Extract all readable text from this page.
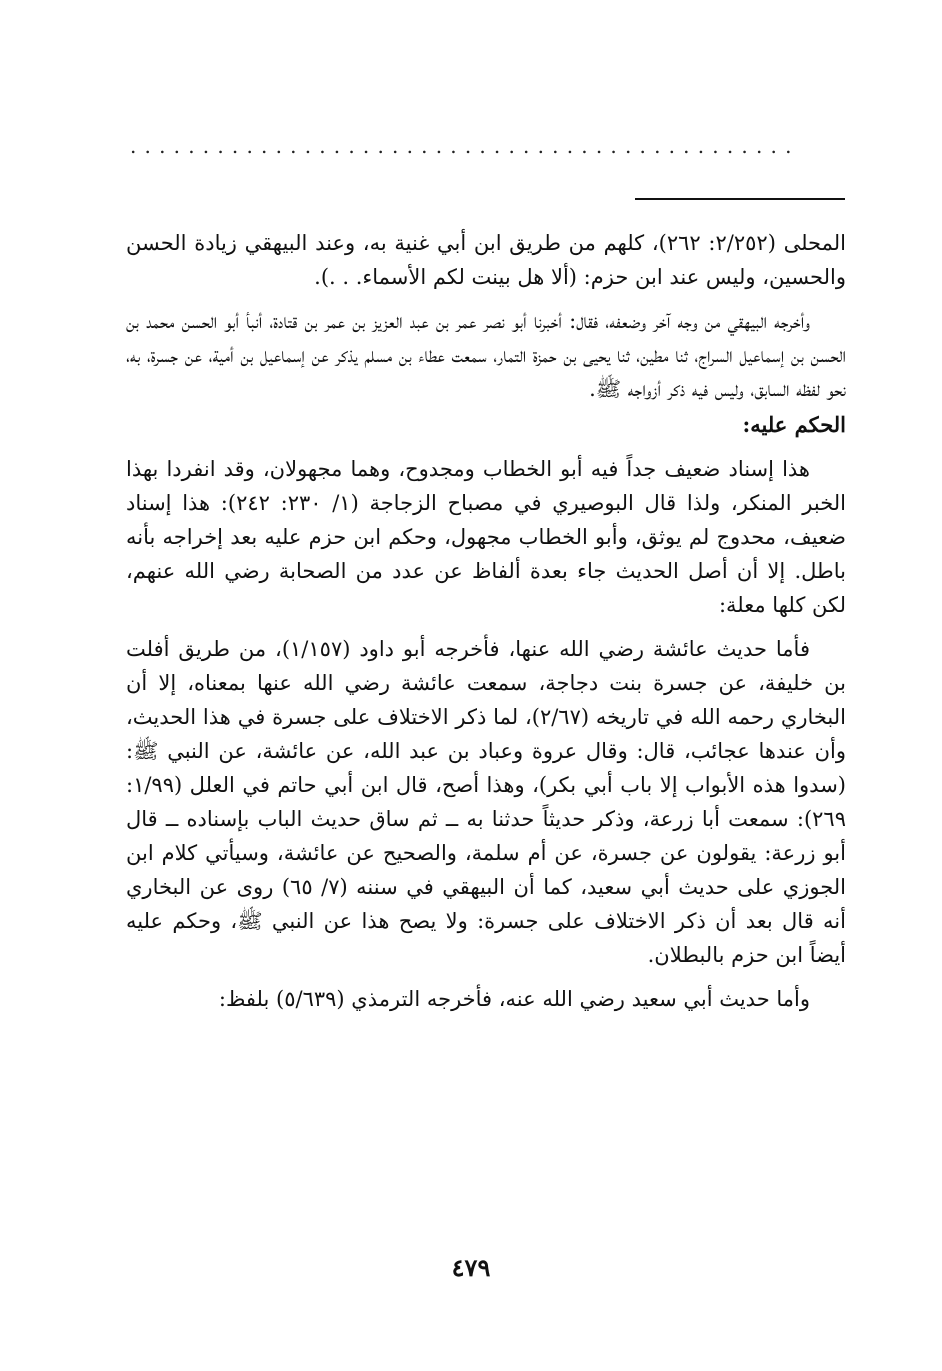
..............................................

المحلى (٢/٢٥٢: ٢٦٢)، كلهم من طريق ابن أبي غنية به، وعند البيهقي زيادة الحسن والحسين، وليس عند ابن حزم: (ألا هل بينت لكم الأسماء. . .).

وأخرجه البيهقي من وجه آخر وضعفه، فقال: أخبرنا أبو نصر عمر بن عبد العزيز بن عمر بن قتادة، أنبأ أبو الحسن محمد بن الحسن بن إسماعيل السراج، ثنا مطين، ثنا يحيى بن حمزة التمار، سمعت عطاء بن مسلم يذكر عن إسماعيل بن أمية، عن جسرة، به، نحو لفظه السابق، وليس فيه ذكر أزواجه ﷺ.

الحكم عليه:

هذا إسناد ضعيف جداً فيه أبو الخطاب ومجدوح، وهما مجهولان، وقد انفردا بهذا الخبر المنكر، ولذا قال البوصيري في مصباح الزجاجة (١/ ٢٣٠: ٢٤٢): هذا إسناد ضعيف، محدوج لم يوثق، وأبو الخطاب مجهول، وحكم ابن حزم عليه بعد إخراجه بأنه باطل. إلا أن أصل الحديث جاء بعدة ألفاظ عن عدد من الصحابة رضي الله عنهم، لكن كلها معلة:

فأما حديث عائشة رضي الله عنها، فأخرجه أبو داود (١/١٥٧)، من طريق أفلت بن خليفة، عن جسرة بنت دجاجة، سمعت عائشة رضي الله عنها بمعناه، إلا أن البخاري رحمه الله في تاريخه (٢/٦٧)، لما ذكر الاختلاف على جسرة في هذا الحديث، وأن عندها عجائب، قال: وقال عروة وعباد بن عبد الله، عن عائشة، عن النبي ﷺ: (سدوا هذه الأبواب إلا باب أبي بكر)، وهذا أصح، قال ابن أبي حاتم في العلل (١/٩٩: ٢٦٩): سمعت أبا زرعة، وذكر حديثاً حدثنا به ــ ثم ساق حديث الباب بإسناده ــ قال أبو زرعة: يقولون عن جسرة، عن أم سلمة، والصحيح عن عائشة، وسيأتي كلام ابن الجوزي على حديث أبي سعيد، كما أن البيهقي في سننه (٧/ ٦٥) روى عن البخاري أنه قال بعد أن ذكر الاختلاف على جسرة: ولا يصح هذا عن النبي ﷺ، وحكم عليه أيضاً ابن حزم بالبطلان.

وأما حديث أبي سعيد رضي الله عنه، فأخرجه الترمذي (٥/٦٣٩) بلفظ:

٤٧٩
